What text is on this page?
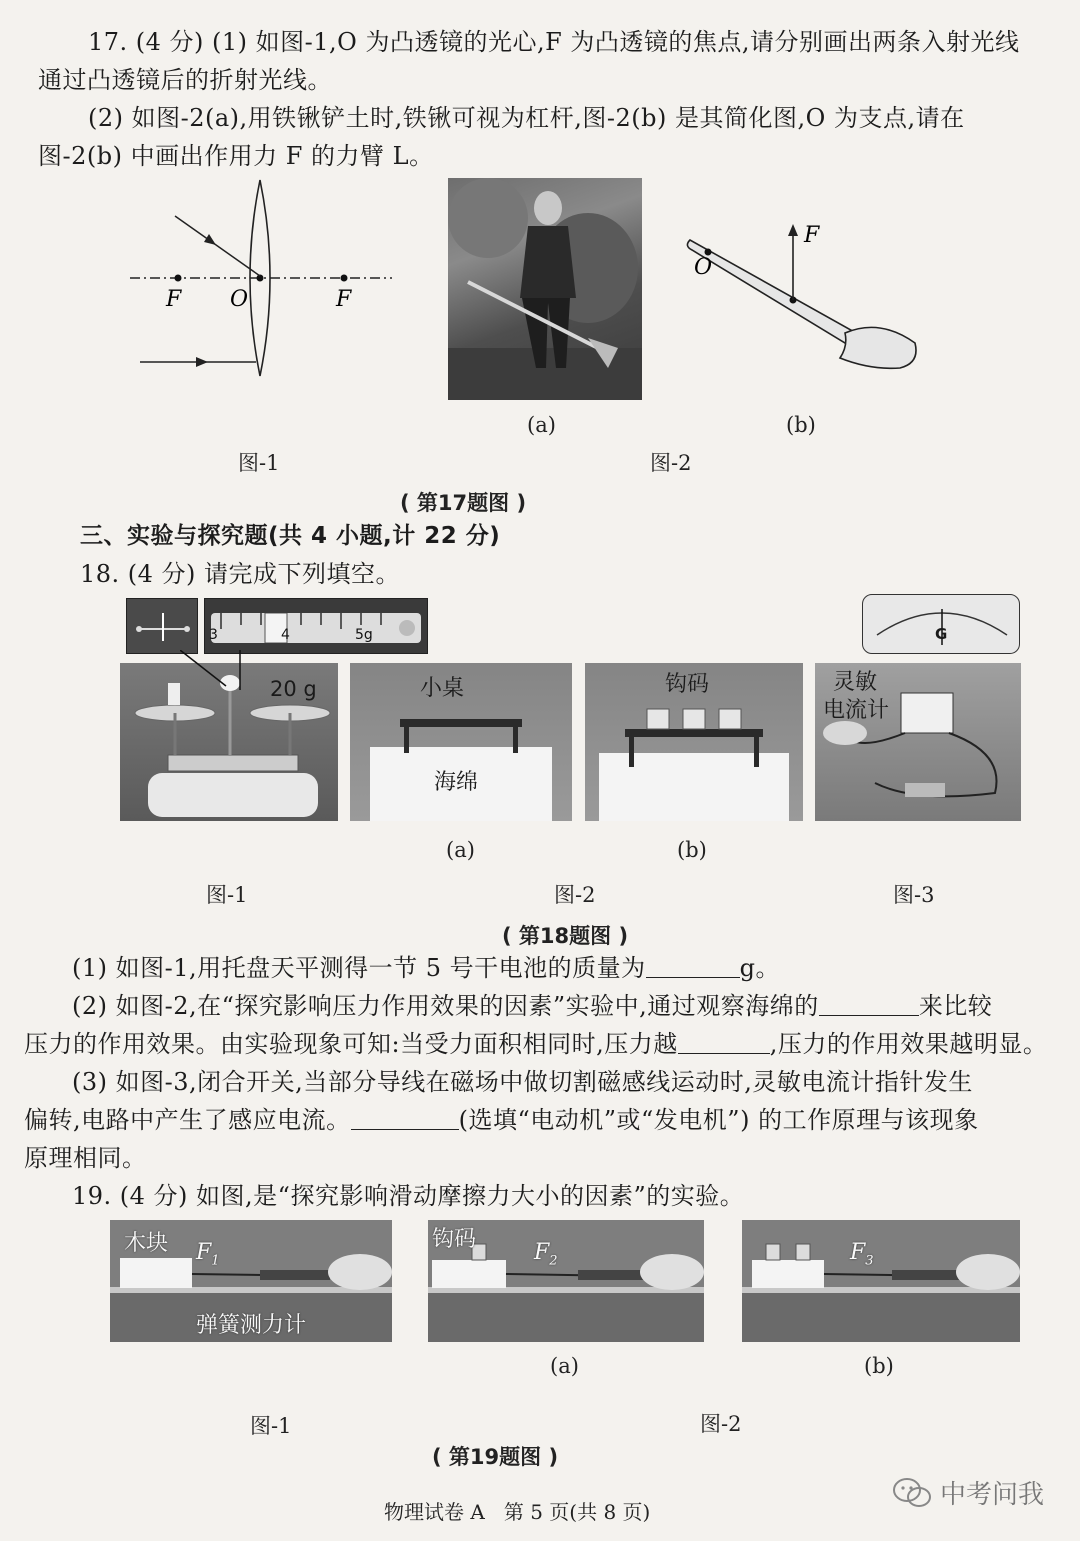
17. (4 分) (1) 如图-1,O 为凸透镜的光心,F 为凸透镜的焦点,请分别画出两条入射光线
通过凸透镜后的折射光线。
(2) 如图-2(a),用铁锹铲土时,铁锹可视为杠杆,图-2(b) 是其简化图,O 为支点,请在
图-2(b) 中画出作用力 F 的力臂 L。
F O	F
O
F
(a)	(b)
图-1	图-2
( 第17题图 )
三、实验与探究题(共 4 小题,计 22 分)
18. (4 分) 请完成下列填空。
3	4	5g
20 g	小桌
海绵
钩码
G
灵敏
电流计
(a)	(b)
图-1	图-2	图-3
( 第18题图 )
(1) 如图-1,用托盘天平测得一节 5 号干电池的质量为	g。
(2) 如图-2,在“探究影响压力作用效果的因素”实验中,通过观察海绵的	来比较
压力的作用效果。由实验现象可知:当受力面积相同时,压力越	,压力的作用效果越明显。
(3) 如图-3,闭合开关,当部分导线在磁场中做切割磁感线运动时,灵敏电流计指针发生
偏转,电路中产生了感应电流。	(选填“电动机”或“发电机”) 的工作原理与该现象
原理相同。
19. (4 分) 如图,是“探究影响滑动摩擦力大小的因素”的实验。
木块 $F_1$
弹簧测力计
钩码
$F_2$	$F_3$
(a)	(b)
图-1	图-2
( 第19题图 )
物理试卷 A   第 5 页(共 8 页)
中考问我
